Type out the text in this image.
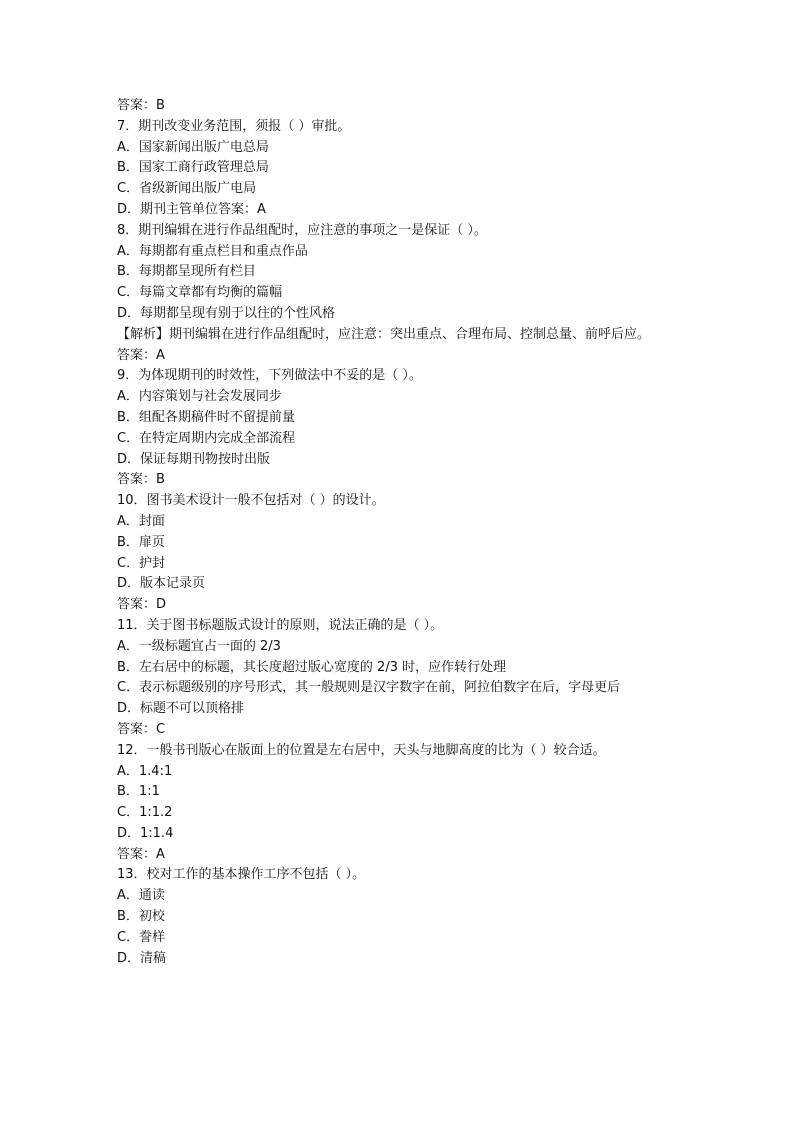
答案：B
7．期刊改变业务范围，须报（ ）审批。
A．国家新闻出版广电总局
B．国家工商行政管理总局
C．省级新闻出版广电局
D．期刊主管单位答案：A
8．期刊编辑在进行作品组配时，应注意的事项之一是保证（ ）。
A．每期都有重点栏目和重点作品
B．每期都呈现所有栏目
C．每篇文章都有均衡的篇幅
D．每期都呈现有别于以往的个性风格
【解析】期刊编辑在进行作品组配时，应注意：突出重点、合理布局、控制总量、前呼后应。
答案：A
9．为体现期刊的时效性，下列做法中不妥的是（ ）。
A．内容策划与社会发展同步
B．组配各期稿件时不留提前量
C．在特定周期内完成全部流程
D．保证每期刊物按时出版
答案：B
10．图书美术设计一般不包括对（ ）的设计。
A．封面
B．扉页
C．护封
D．版本记录页
答案：D
11．关于图书标题版式设计的原则，说法正确的是（ ）。
A．一级标题宜占一面的 2/3
B．左右居中的标题，其长度超过版心宽度的 2/3 时，应作转行处理
C．表示标题级别的序号形式，其一般规则是汉字数字在前，阿拉伯数字在后，字母更后
D．标题不可以顶格排
答案：C
12．一般书刊版心在版面上的位置是左右居中，天头与地脚高度的比为（ ）较合适。
A．1.4:1
B．1:1
C．1:1.2
D．1:1.4
答案：A
13．校对工作的基本操作工序不包括（ ）。
A．通读
B．初校
C．誊样
D．清稿
